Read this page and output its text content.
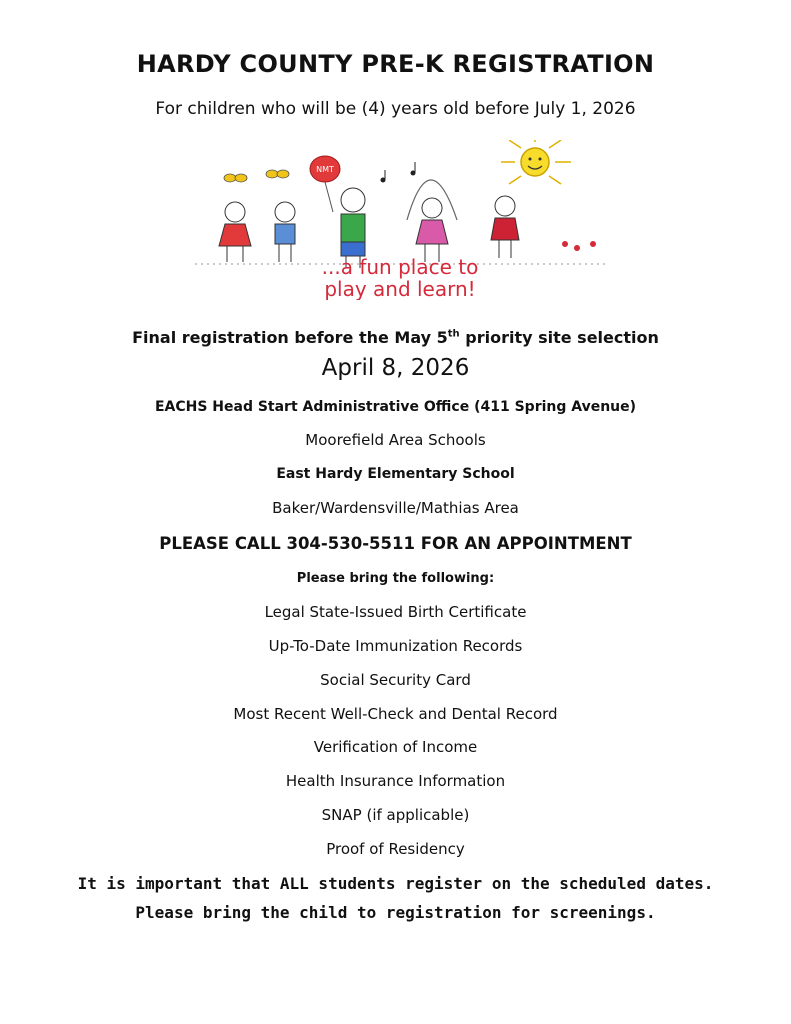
HARDY COUNTY PRE-K REGISTRATION
For children who will be (4) years old before July 1, 2026
NMT
...a fun place to
play and learn!
Final registration before the May 5th priority site selection
April 8, 2026
EACHS Head Start Administrative Office (411 Spring Avenue)
Moorefield Area Schools
East Hardy Elementary School
Baker/Wardensville/Mathias Area
PLEASE CALL 304-530-5511 FOR AN APPOINTMENT
Please bring the following:
Legal State-Issued Birth Certificate
Up-To-Date Immunization Records
Social Security Card
Most Recent Well-Check and Dental Record
Verification of Income
Health Insurance Information
SNAP (if applicable)
Proof of Residency
It is important that ALL students register on the scheduled dates.
Please bring the child to registration for screenings.
